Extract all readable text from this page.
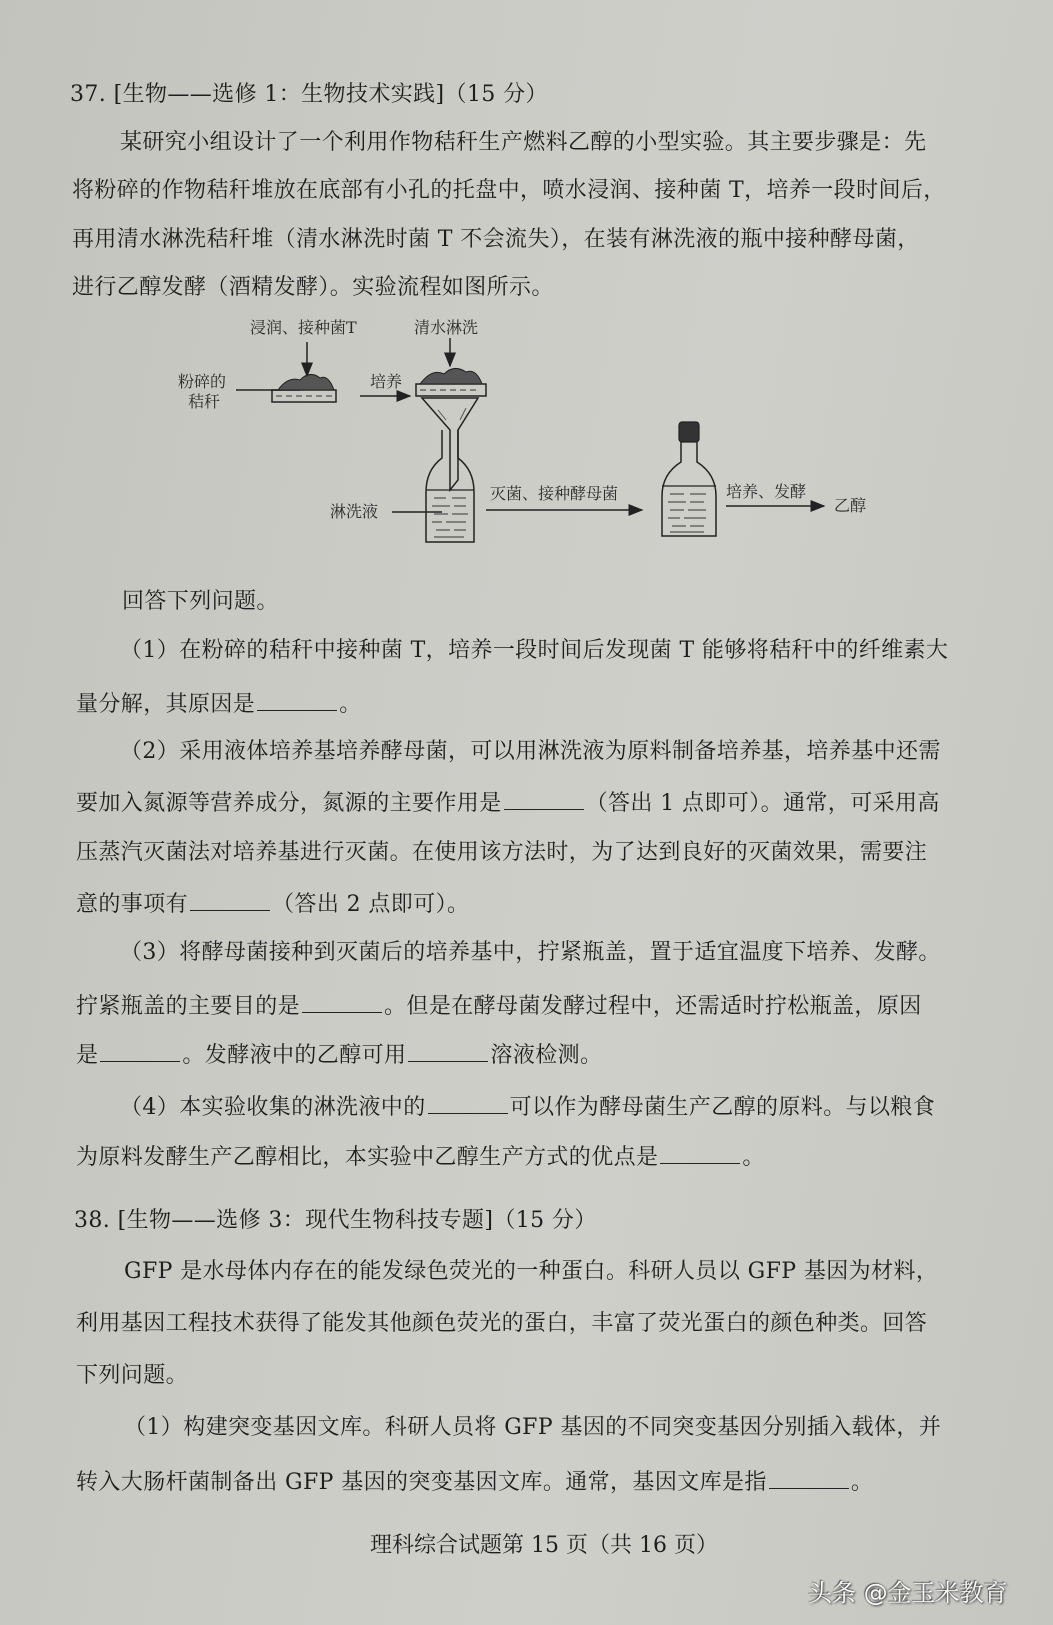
37. [生物——选修 1：生物技术实践]（15 分）
某研究小组设计了一个利用作物秸秆生产燃料乙醇的小型实验。其主要步骤是：先
将粉碎的作物秸秆堆放在底部有小孔的托盘中，喷水浸润、接种菌 T，培养一段时间后，
再用清水淋洗秸秆堆（清水淋洗时菌 T 不会流失），在装有淋洗液的瓶中接种酵母菌，
进行乙醇发酵（酒精发酵）。实验流程如图所示。
粉碎的
秸秆
浸润、接种菌T
培养
清水淋洗
淋洗液
灭菌、接种酵母菌	培养、发酵
乙醇
回答下列问题。
（1）在粉碎的秸秆中接种菌 T，培养一段时间后发现菌 T 能够将秸秆中的纤维素大
量分解，其原因是	。
（2）采用液体培养基培养酵母菌，可以用淋洗液为原料制备培养基，培养基中还需
要加入氮源等营养成分，氮源的主要作用是	（答出 1 点即可）。通常，可采用高
压蒸汽灭菌法对培养基进行灭菌。在使用该方法时，为了达到良好的灭菌效果，需要注
意的事项有	（答出 2 点即可）。
（3）将酵母菌接种到灭菌后的培养基中，拧紧瓶盖，置于适宜温度下培养、发酵。
拧紧瓶盖的主要目的是	。但是在酵母菌发酵过程中，还需适时拧松瓶盖，原因
是	。发酵液中的乙醇可用	溶液检测。
（4）本实验收集的淋洗液中的	可以作为酵母菌生产乙醇的原料。与以粮食
为原料发酵生产乙醇相比，本实验中乙醇生产方式的优点是	。
38. [生物——选修 3：现代生物科技专题]（15 分）
GFP 是水母体内存在的能发绿色荧光的一种蛋白。科研人员以 GFP 基因为材料，
利用基因工程技术获得了能发其他颜色荧光的蛋白，丰富了荧光蛋白的颜色种类。回答
下列问题。
（1）构建突变基因文库。科研人员将 GFP 基因的不同突变基因分别插入载体，并
转入大肠杆菌制备出 GFP 基因的突变基因文库。通常，基因文库是指	。
理科综合试题第 15 页（共 16 页）
头条 @金玉米教育
